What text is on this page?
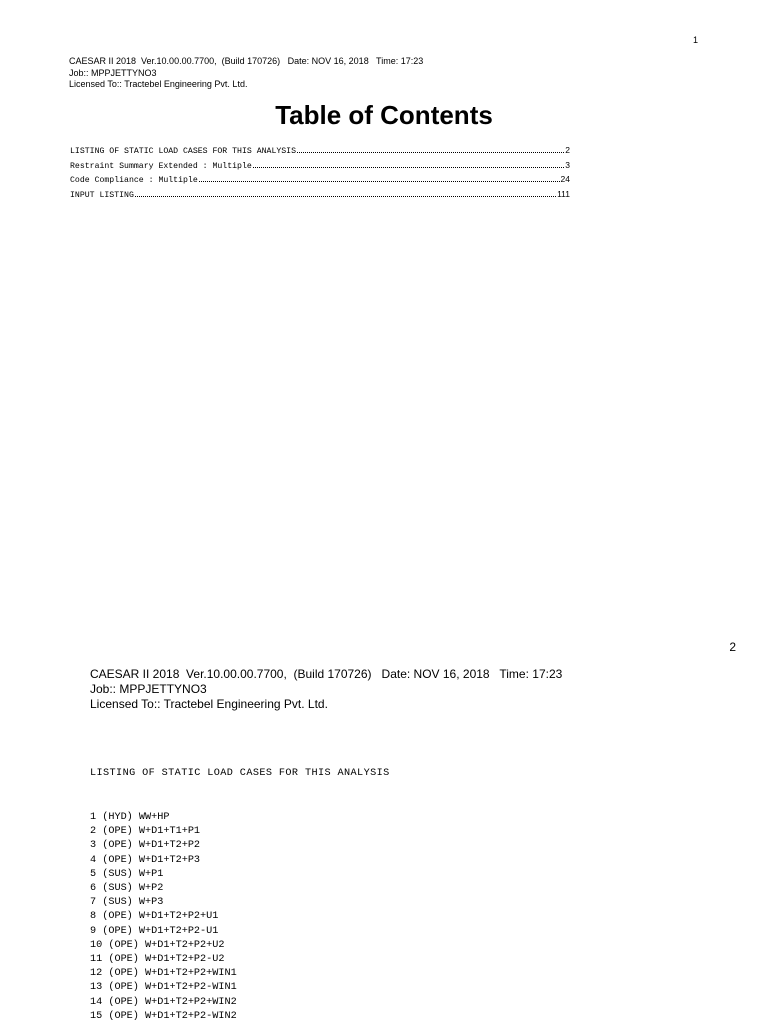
1
CAESAR II 2018  Ver.10.00.00.7700,  (Build 170726)   Date: NOV 16, 2018   Time: 17:23
Job:: MPPJETTYNO3
Licensed To:: Tractebel Engineering Pvt. Ltd.
Table of Contents
LISTING OF STATIC LOAD CASES FOR THIS ANALYSIS	2
Restraint Summary Extended : Multiple	3
Code Compliance : Multiple	24
INPUT LISTING	111
2
CAESAR II 2018  Ver.10.00.00.7700,  (Build 170726)   Date: NOV 16, 2018   Time: 17:23
Job:: MPPJETTYNO3
Licensed To:: Tractebel Engineering Pvt. Ltd.
LISTING OF STATIC LOAD CASES FOR THIS ANALYSIS
1 (HYD) WW+HP
2 (OPE) W+D1+T1+P1
3 (OPE) W+D1+T2+P2
4 (OPE) W+D1+T2+P3
5 (SUS) W+P1
6 (SUS) W+P2
7 (SUS) W+P3
8 (OPE) W+D1+T2+P2+U1
9 (OPE) W+D1+T2+P2-U1
10 (OPE) W+D1+T2+P2+U2
11 (OPE) W+D1+T2+P2-U2
12 (OPE) W+D1+T2+P2+WIN1
13 (OPE) W+D1+T2+P2-WIN1
14 (OPE) W+D1+T2+P2+WIN2
15 (OPE) W+D1+T2+P2-WIN2
